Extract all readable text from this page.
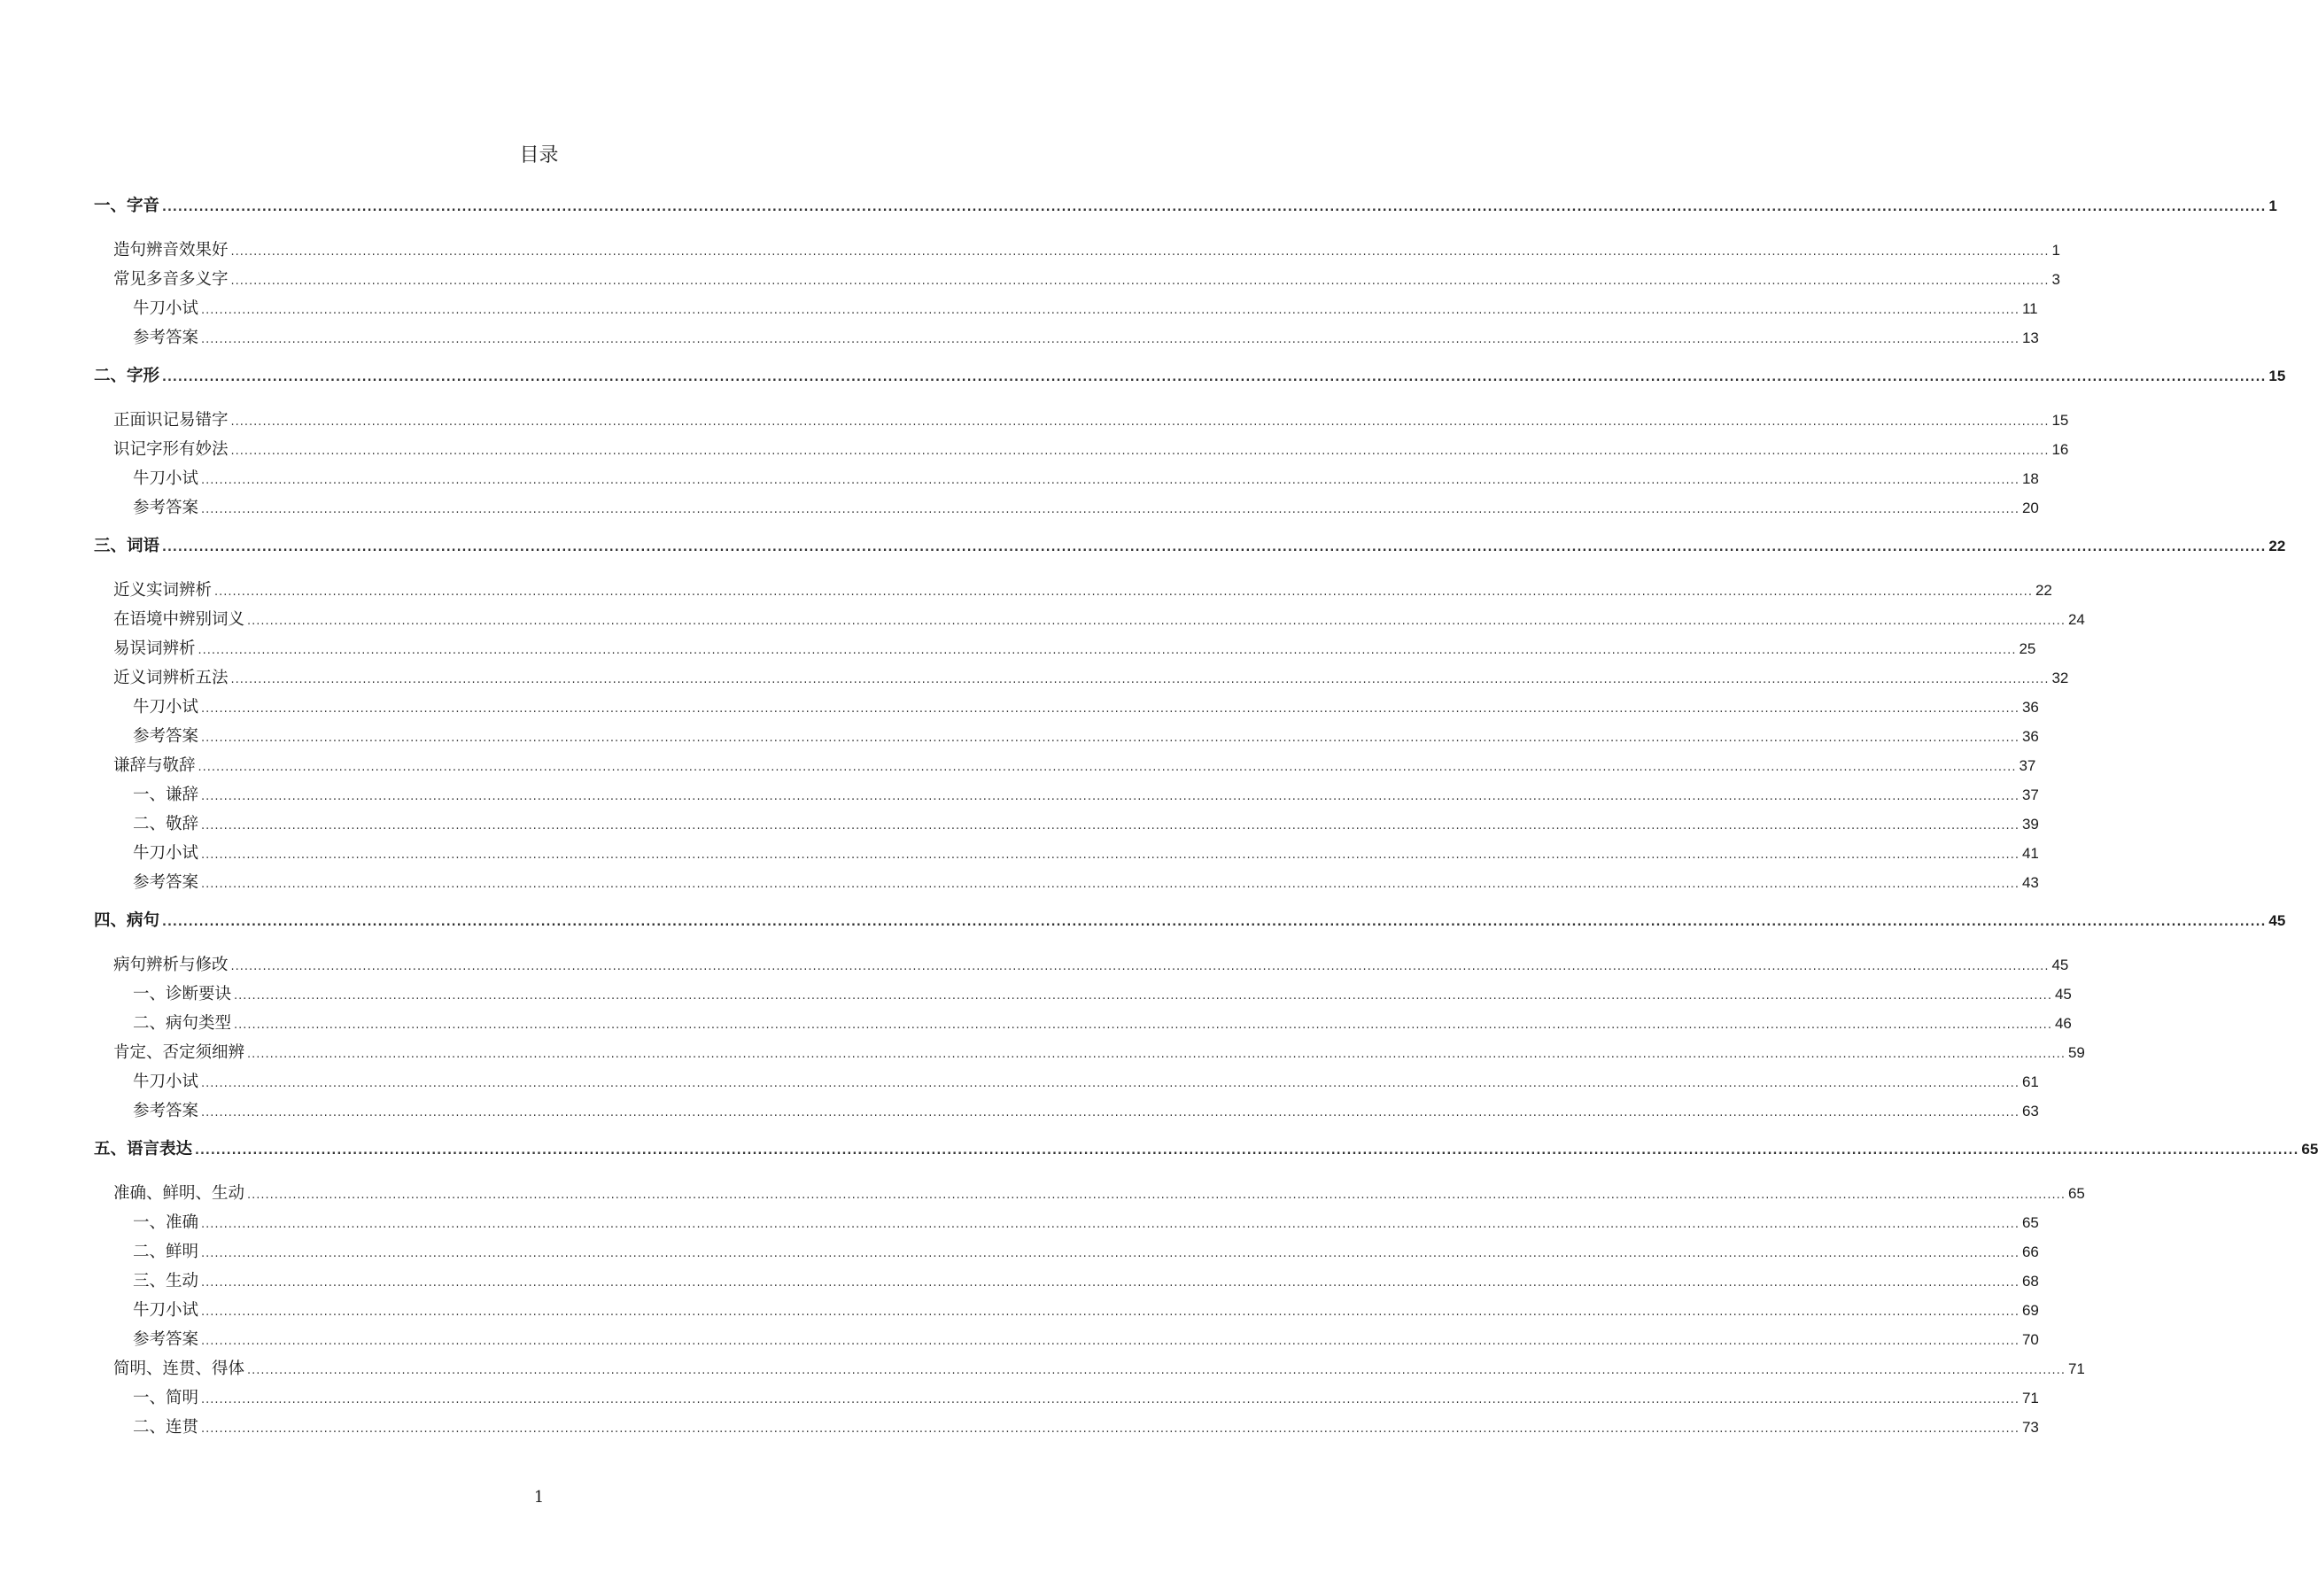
目录
一、字音 ................................................................................................................................................................................................................................................................................................................................................................................................................ 1
造句辨音效果好 ................................................................................................................................................................................................................................................................................................................................................................................................................ 1
常见多音多义字 ................................................................................................................................................................................................................................................................................................................................................................................................................ 3
牛刀小试 ................................................................................................................................................................................................................................................................................................................................................................................................................ 11
参考答案 ................................................................................................................................................................................................................................................................................................................................................................................................................ 13
二、字形 ................................................................................................................................................................................................................................................................................................................................................................................................................ 15
正面识记易错字 ................................................................................................................................................................................................................................................................................................................................................................................................................ 15
识记字形有妙法 ................................................................................................................................................................................................................................................................................................................................................................................................................ 16
牛刀小试 ................................................................................................................................................................................................................................................................................................................................................................................................................ 18
参考答案 ................................................................................................................................................................................................................................................................................................................................................................................................................ 20
三、词语 ................................................................................................................................................................................................................................................................................................................................................................................................................ 22
近义实词辨析 ................................................................................................................................................................................................................................................................................................................................................................................................................ 22
在语境中辨别词义 ................................................................................................................................................................................................................................................................................................................................................................................................................ 24
易误词辨析 ................................................................................................................................................................................................................................................................................................................................................................................................................ 25
近义词辨析五法 ................................................................................................................................................................................................................................................................................................................................................................................................................ 32
牛刀小试 ................................................................................................................................................................................................................................................................................................................................................................................................................ 36
参考答案 ................................................................................................................................................................................................................................................................................................................................................................................................................ 36
谦辞与敬辞 ................................................................................................................................................................................................................................................................................................................................................................................................................ 37
一、谦辞 ................................................................................................................................................................................................................................................................................................................................................................................................................ 37
二、敬辞 ................................................................................................................................................................................................................................................................................................................................................................................................................ 39
牛刀小试 ................................................................................................................................................................................................................................................................................................................................................................................................................ 41
参考答案 ................................................................................................................................................................................................................................................................................................................................................................................................................ 43
四、病句 ................................................................................................................................................................................................................................................................................................................................................................................................................ 45
病句辨析与修改 ................................................................................................................................................................................................................................................................................................................................................................................................................ 45
一、诊断要诀 ................................................................................................................................................................................................................................................................................................................................................................................................................ 45
二、病句类型 ................................................................................................................................................................................................................................................................................................................................................................................................................ 46
肯定、否定须细辨 ................................................................................................................................................................................................................................................................................................................................................................................................................ 59
牛刀小试 ................................................................................................................................................................................................................................................................................................................................................................................................................ 61
参考答案 ................................................................................................................................................................................................................................................................................................................................................................................................................ 63
五、语言表达 ................................................................................................................................................................................................................................................................................................................................................................................................................ 65
准确、鲜明、生动 ................................................................................................................................................................................................................................................................................................................................................................................................................ 65
一、准确 ................................................................................................................................................................................................................................................................................................................................................................................................................ 65
二、鲜明 ................................................................................................................................................................................................................................................................................................................................................................................................................ 66
三、生动 ................................................................................................................................................................................................................................................................................................................................................................................................................ 68
牛刀小试 ................................................................................................................................................................................................................................................................................................................................................................................................................ 69
参考答案 ................................................................................................................................................................................................................................................................................................................................................................................................................ 70
简明、连贯、得体 ................................................................................................................................................................................................................................................................................................................................................................................................................ 71
一、简明 ................................................................................................................................................................................................................................................................................................................................................................................................................ 71
二、连贯 ................................................................................................................................................................................................................................................................................................................................................................................................................ 73
1
